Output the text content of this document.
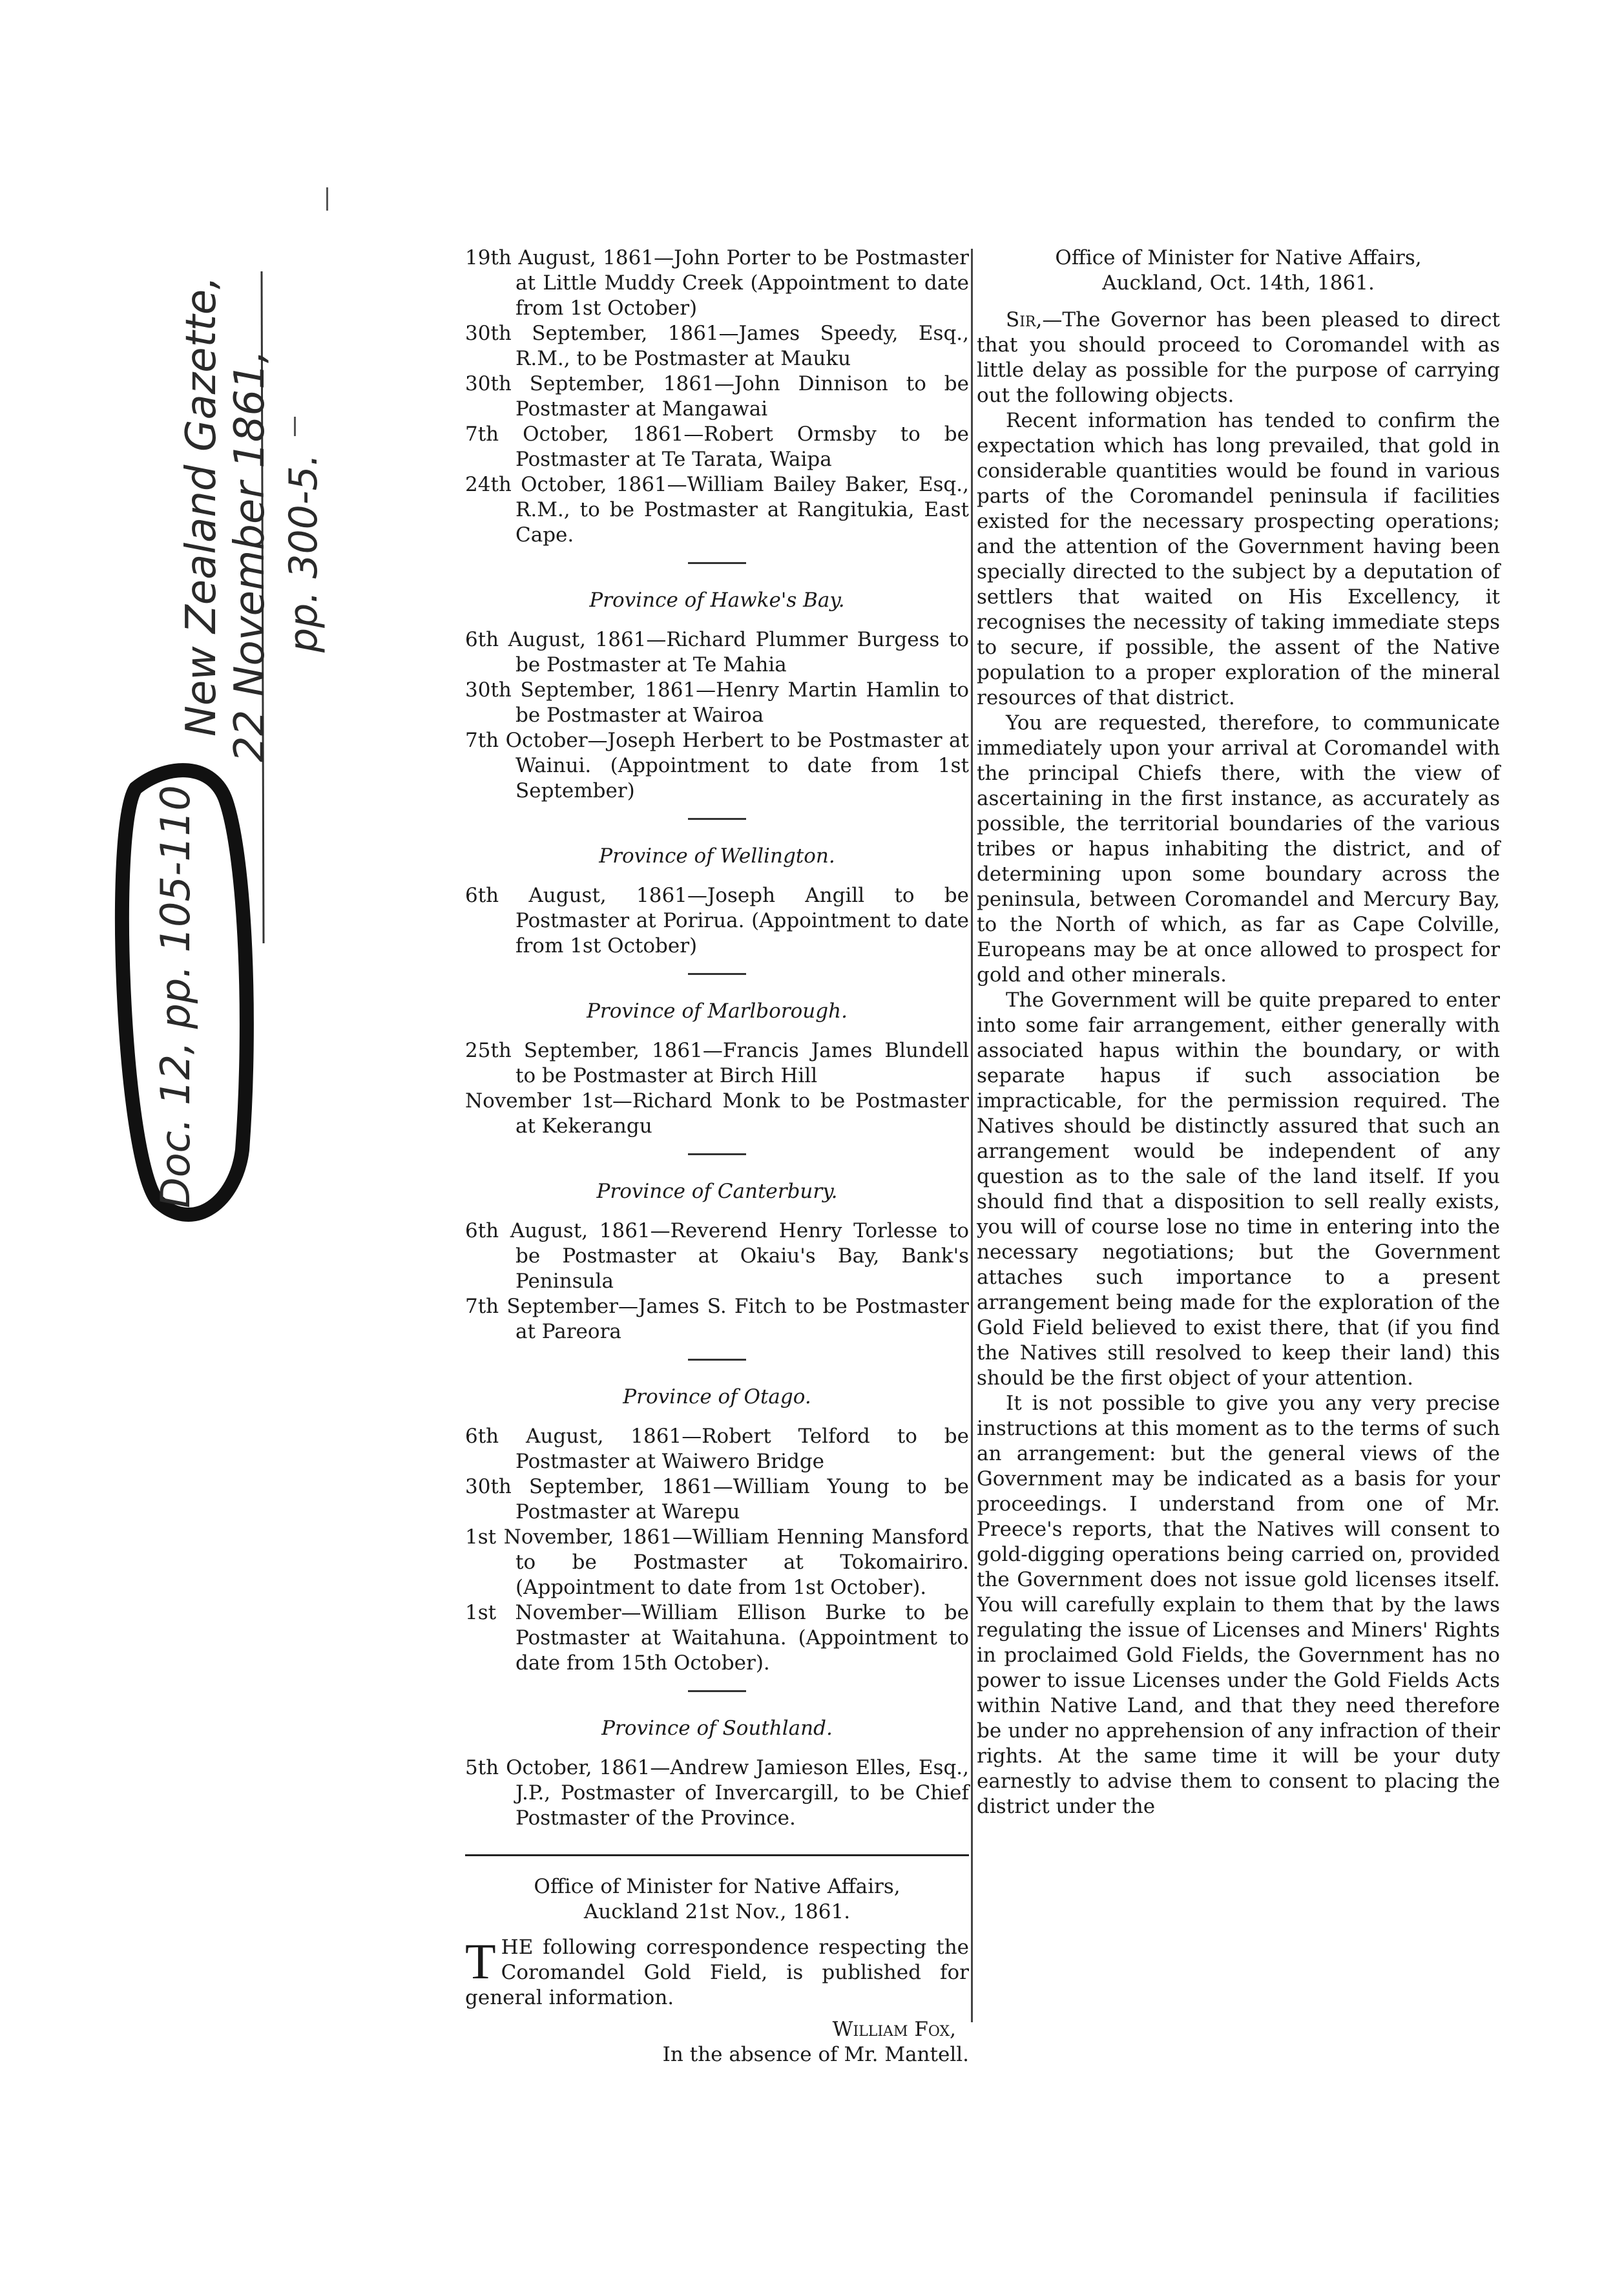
New Zealand Gazette, 22 November 1861, pp. 300-5.
Doc. 12, pp. 105-110

19th August, 1861—John Porter to be Postmaster at Little Muddy Creek (Appointment to date from 1st October)

30th September, 1861—James Speedy, Esq., R.M., to be Postmaster at Mauku

30th September, 1861—John Dinnison to be Postmaster at Mangawai

7th October, 1861—Robert Ormsby to be Postmaster at Te Tarata, Waipa

24th October, 1861—William Bailey Baker, Esq., R.M., to be Postmaster at Rangitukia, East Cape.

Province of Hawke's Bay.

6th August, 1861—Richard Plummer Burgess to be Postmaster at Te Mahia

30th September, 1861—Henry Martin Hamlin to be Postmaster at Wairoa

7th October—Joseph Herbert to be Postmaster at Wainui. (Appointment to date from 1st September)

Province of Wellington.

6th August, 1861—Joseph Angill to be Postmaster at Porirua. (Appointment to date from 1st October)

Province of Marlborough.

25th September, 1861—Francis James Blundell to be Postmaster at Birch Hill

November 1st—Richard Monk to be Postmaster at Kekerangu

Province of Canterbury.

6th August, 1861—Reverend Henry Torlesse to be Postmaster at Okaiu's Bay, Bank's Peninsula

7th September—James S. Fitch to be Postmaster at Pareora

Province of Otago.

6th August, 1861—Robert Telford to be Postmaster at Waiwero Bridge

30th September, 1861—William Young to be Postmaster at Warepu

1st November, 1861—William Henning Mansford to be Postmaster at Tokomairiro. (Appointment to date from 1st October).

1st November—William Ellison Burke to be Postmaster at Waitahuna. (Appointment to date from 15th October).

Province of Southland.

5th October, 1861—Andrew Jamieson Elles, Esq., J.P., Postmaster of Invercargill, to be Chief Postmaster of the Province.

Office of Minister for Native Affairs,

Auckland 21st Nov., 1861.

THE following correspondence respecting the Coromandel Gold Field, is published for general information.

William Fox,

In the absence of Mr. Mantell.

Office of Minister for Native Affairs,

Auckland, Oct. 14th, 1861.

Sir,—The Governor has been pleased to direct that you should proceed to Coromandel with as little delay as possible for the purpose of carrying out the following objects.

Recent information has tended to confirm the expectation which has long prevailed, that gold in considerable quantities would be found in various parts of the Coromandel peninsula if facilities existed for the necessary prospecting operations; and the attention of the Government having been specially directed to the subject by a deputation of settlers that waited on His Excellency, it recognises the necessity of taking immediate steps to secure, if possible, the assent of the Native population to a proper exploration of the mineral resources of that district.

You are requested, therefore, to communicate immediately upon your arrival at Coromandel with the principal Chiefs there, with the view of ascertaining in the first instance, as accurately as possible, the territorial boundaries of the various tribes or hapus inhabiting the district, and of determining upon some boundary across the peninsula, between Coromandel and Mercury Bay, to the North of which, as far as Cape Colville, Europeans may be at once allowed to prospect for gold and other minerals.

The Government will be quite prepared to enter into some fair arrangement, either generally with associated hapus within the boundary, or with separate hapus if such association be impracticable, for the permission required. The Natives should be distinctly assured that such an arrangement would be independent of any question as to the sale of the land itself. If you should find that a disposition to sell really exists, you will of course lose no time in entering into the necessary negotiations; but the Government attaches such importance to a present arrangement being made for the exploration of the Gold Field believed to exist there, that (if you find the Natives still resolved to keep their land) this should be the first object of your attention.

It is not possible to give you any very precise instructions at this moment as to the terms of such an arrangement: but the general views of the Government may be indicated as a basis for your proceedings. I understand from one of Mr. Preece's reports, that the Natives will consent to gold-digging operations being carried on, provided the Government does not issue gold licenses itself. You will carefully explain to them that by the laws regulating the issue of Licenses and Miners' Rights in proclaimed Gold Fields, the Government has no power to issue Licenses under the Gold Fields Acts within Native Land, and that they need therefore be under no apprehension of any infraction of their rights. At the same time it will be your duty earnestly to advise them to consent to placing the district under the
